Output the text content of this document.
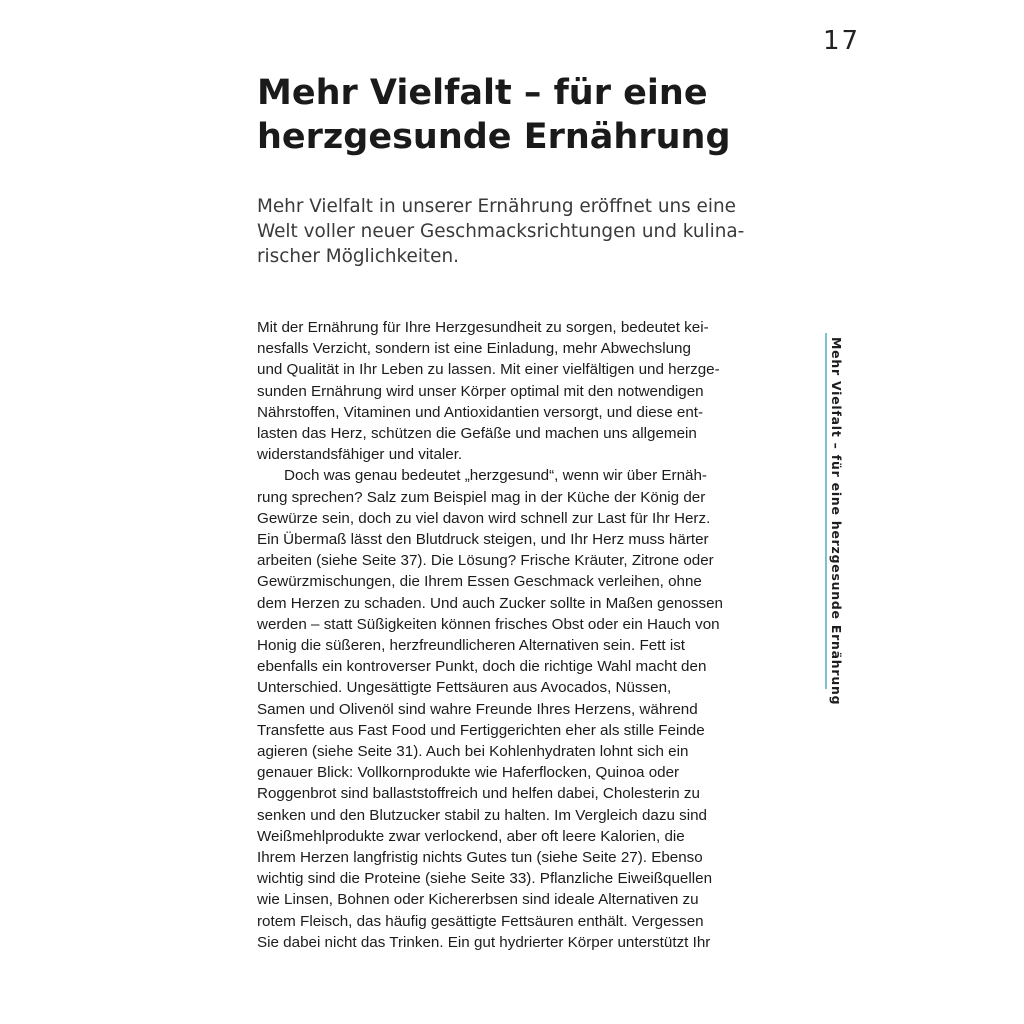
17
Mehr Vielfalt – für eine
herzgesunde Ernährung

Mehr Vielfalt in unserer Ernährung eröffnet uns eine
Welt voller neuer Geschmacksrichtungen und kulina-
rischer Möglichkeiten.

Mit der Ernährung für Ihre Herzgesundheit zu sorgen, bedeutet kei-
nesfalls Verzicht, sondern ist eine Einladung, mehr Abwechslung
und Qualität in Ihr Leben zu lassen. Mit einer vielfältigen und herzge-
sunden Ernährung wird unser Körper optimal mit den notwendigen
Nährstoffen, Vitaminen und Antioxidantien versorgt, und diese ent-
lasten das Herz, schützen die Gefäße und machen uns allgemein
widerstandsfähiger und vitaler.
Doch was genau bedeutet „herzgesund“, wenn wir über Ernäh-
rung sprechen? Salz zum Beispiel mag in der Küche der König der
Gewürze sein, doch zu viel davon wird schnell zur Last für Ihr Herz.
Ein Übermaß lässt den Blutdruck steigen, und Ihr Herz muss härter
arbeiten (siehe Seite 37). Die Lösung? Frische Kräuter, Zitrone oder
Gewürzmischungen, die Ihrem Essen Geschmack verleihen, ohne
dem Herzen zu schaden. Und auch Zucker sollte in Maßen genossen
werden – statt Süßigkeiten können frisches Obst oder ein Hauch von
Honig die süßeren, herzfreundlicheren Alternativen sein. Fett ist
ebenfalls ein kontroverser Punkt, doch die richtige Wahl macht den
Unterschied. Ungesättigte Fettsäuren aus Avocados, Nüssen,
Samen und Olivenöl sind wahre Freunde Ihres Herzens, während
Transfette aus Fast Food und Fertiggerichten eher als stille Feinde
agieren (siehe Seite 31). Auch bei Kohlenhydraten lohnt sich ein
genauer Blick: Vollkornprodukte wie Haferflocken, Quinoa oder
Roggenbrot sind ballaststoffreich und helfen dabei, Cholesterin zu
senken und den Blutzucker stabil zu halten. Im Vergleich dazu sind
Weißmehlprodukte zwar verlockend, aber oft leere Kalorien, die
Ihrem Herzen langfristig nichts Gutes tun (siehe Seite 27). Ebenso
wichtig sind die Proteine (siehe Seite 33). Pflanzliche Eiweißquellen
wie Linsen, Bohnen oder Kichererbsen sind ideale Alternativen zu
rotem Fleisch, das häufig gesättigte Fettsäuren enthält. Vergessen
Sie dabei nicht das Trinken. Ein gut hydrierter Körper unterstützt Ihr
Mehr Vielfalt – für eine herzgesunde Ernährung
